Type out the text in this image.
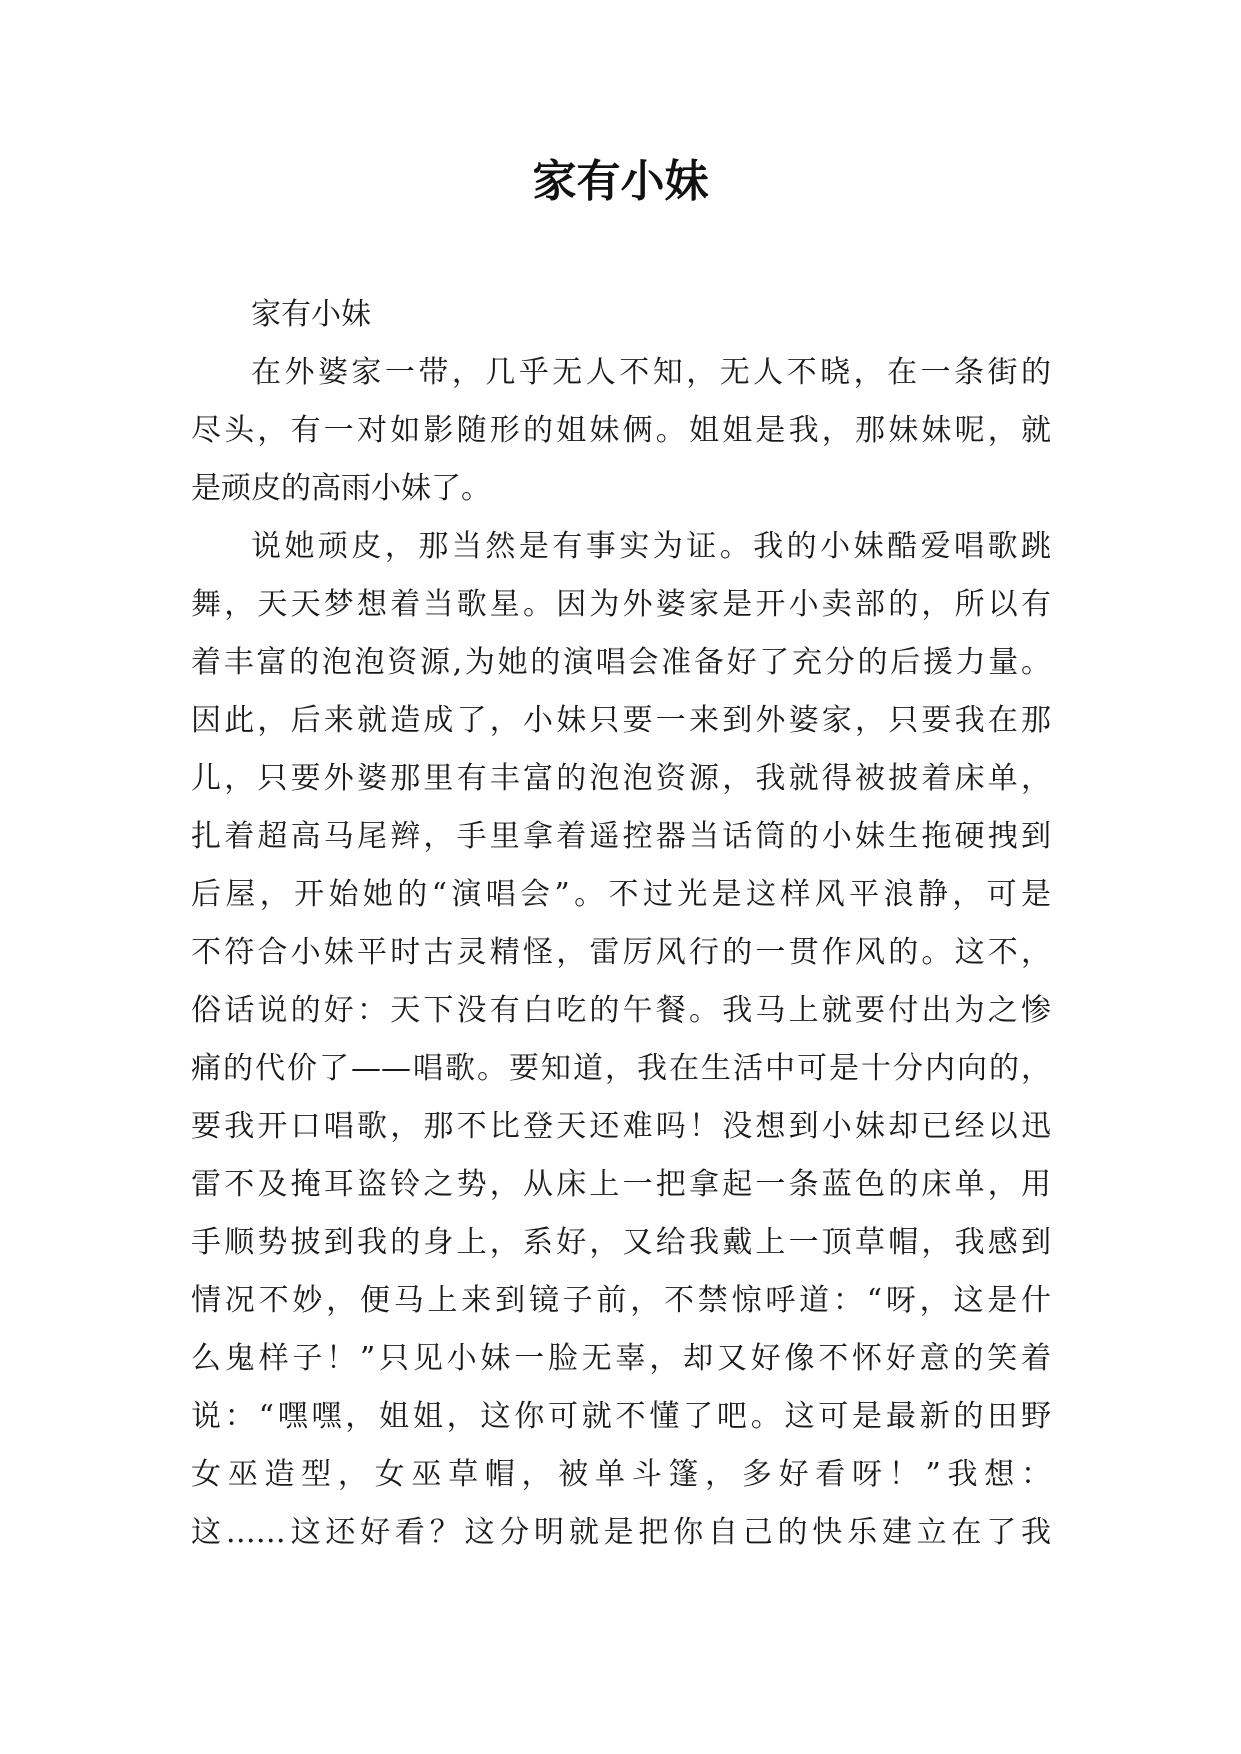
家有小妹
家有小妹
在外婆家一带，几乎无人不知，无人不晓，在一条街的
尽头，有一对如影随形的姐妹俩。姐姐是我，那妹妹呢，就
是顽皮的高雨小妹了。
说她顽皮，那当然是有事实为证。我的小妹酷爱唱歌跳
舞，天天梦想着当歌星。因为外婆家是开小卖部的，所以有
着丰富的泡泡资源,为她的演唱会准备好了充分的后援力量。
因此，后来就造成了，小妹只要一来到外婆家，只要我在那
儿，只要外婆那里有丰富的泡泡资源，我就得被披着床单，
扎着超高马尾辫，手里拿着遥控器当话筒的小妹生拖硬拽到
后屋，开始她的“演唱会”。不过光是这样风平浪静，可是
不符合小妹平时古灵精怪，雷厉风行的一贯作风的。这不，
俗话说的好：天下没有白吃的午餐。我马上就要付出为之惨
痛的代价了——唱歌。要知道，我在生活中可是十分内向的，
要我开口唱歌，那不比登天还难吗！没想到小妹却已经以迅
雷不及掩耳盗铃之势，从床上一把拿起一条蓝色的床单，用
手顺势披到我的身上，系好，又给我戴上一顶草帽，我感到
情况不妙，便马上来到镜子前，不禁惊呼道：“呀，这是什
么鬼样子！”只见小妹一脸无辜，却又好像不怀好意的笑着
说：“嘿嘿，姐姐，这你可就不懂了吧。这可是最新的田野
女巫造型，女巫草帽，被单斗篷，多好看呀！”我想：
这……这还好看？这分明就是把你自己的快乐建立在了我
